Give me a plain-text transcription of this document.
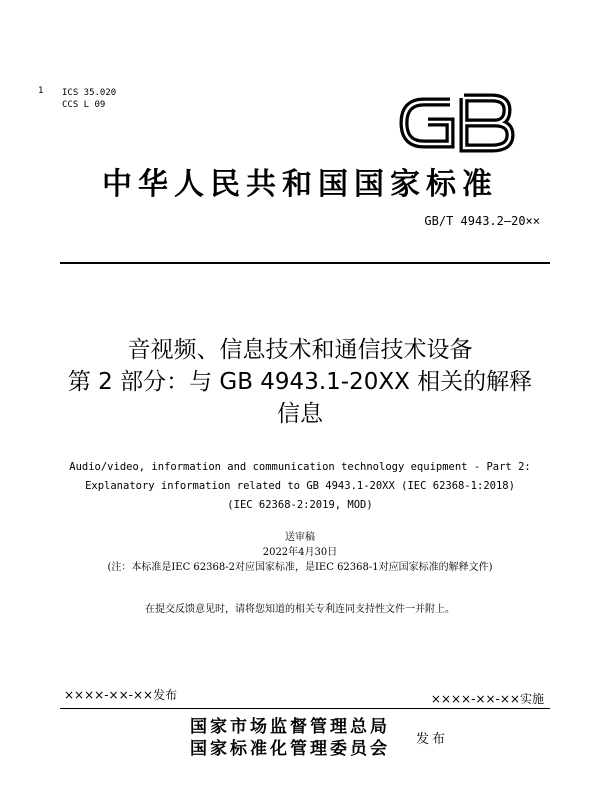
1 ICS 35.020
CCS L 09
中华人民共和国国家标准
GB/T 4943.2—20××
音视频、信息技术和通信技术设备
第 2 部分：与 GB 4943.1-20XX 相关的解释
信息
Audio/video, information and communication technology equipment - Part 2:
Explanatory information related to GB 4943.1-20XX (IEC 62368-1:2018)
(IEC 62368-2:2019, MOD)
送审稿
2022年4月30日
(注：本标准是IEC 62368-2对应国家标准，是IEC 62368-1对应国家标准的解释文件)
在提交反馈意见时，请将您知道的相关专利连同支持性文件一并附上。
××××-××-××发布	××××-××-××实施
国家市场监督管理总局
国家标准化管理委员会 发布
